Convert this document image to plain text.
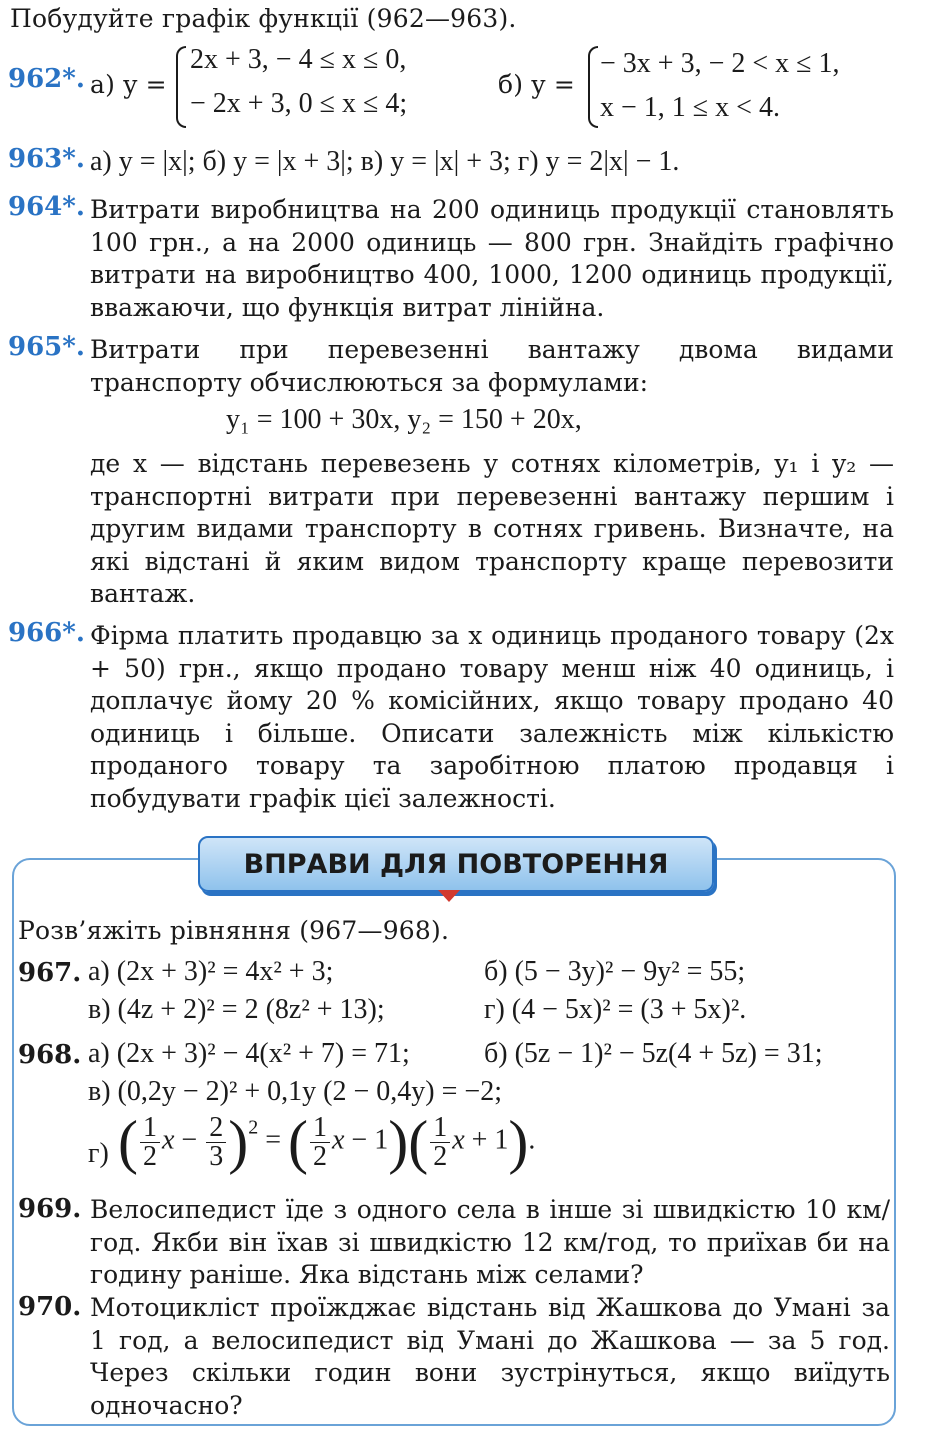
Побудуйте графік функції (962—963).
962*. а) y =
2x + 3, − 4 ≤ x ≤ 0,
− 2x + 3, 0 ≤ x ≤ 4;
б) y =
− 3x + 3, − 2 < x ≤ 1,
x − 1, 1 ≤ x < 4.
963*. а) y = |x|; б) y = |x + 3|; в) y = |x| + 3; г) y = 2|x| − 1.
964*. Витрати виробництва на 200 одиниць продукції становлять 100 грн., а на 2000 одиниць — 800 грн. Знайдіть графічно витрати на виробництво 400, 1000, 1200 одиниць продукції, вважаючи, що функція витрат лінійна.
965*. Витрати при перевезенні вантажу двома видами транспорту обчислюються за формулами:
y₁ = 100 + 30x, y₂ = 150 + 20x,
де x — відстань перевезень у сотнях кілометрів, y₁ і y₂ — транспортні витрати при перевезенні вантажу першим і другим видами транспорту в сотнях гривень. Визначте, на які відстані й яким видом транспорту краще перевозити вантаж.
966*. Фірма платить продавцю за x одиниць проданого товару (2x + 50) грн., якщо продано товару менш ніж 40 одиниць, і доплачує йому 20 % комісійних, якщо товару продано 40 одиниць і більше. Описати залежність між кількістю проданого товару та заробітною платою продавця і побудувати графік цієї залежності.
ВПРАВИ ДЛЯ ПОВТОРЕННЯ
Розв’яжіть рівняння (967—968).
967. а) (2x + 3)² = 4x² + 3;	б) (5 − 3y)² − 9y² = 55;
в) (4z + 2)² = 2 (8z² + 13);	г) (4 − 5x)² = (3 + 5x)².
968. а) (2x + 3)² − 4(x² + 7) = 71;	б) (5z − 1)² − 5z(4 + 5z) = 31;
в) (0,2y − 2)² + 0,1y (2 − 0,4y) = −2;
г) ( $\frac{1}{2}$ $x - \frac{2}{3} )^2$ = ( $\frac{1}{2}$ $x - 1)( \frac{1}{2}$ x + 1).
969. Велосипедист їде з одного села в інше зі швидкістю 10 км/год. Якби він їхав зі швидкістю 12 км/год, то приїхав би на годину раніше. Яка відстань між селами?
970. Мотоцикліст проїжджає відстань від Жашкова до Умані за 1 год, а велосипедист від Умані до Жашкова — за 5 год. Через скільки годин вони зустрінуться, якщо виїдуть одночасно?
